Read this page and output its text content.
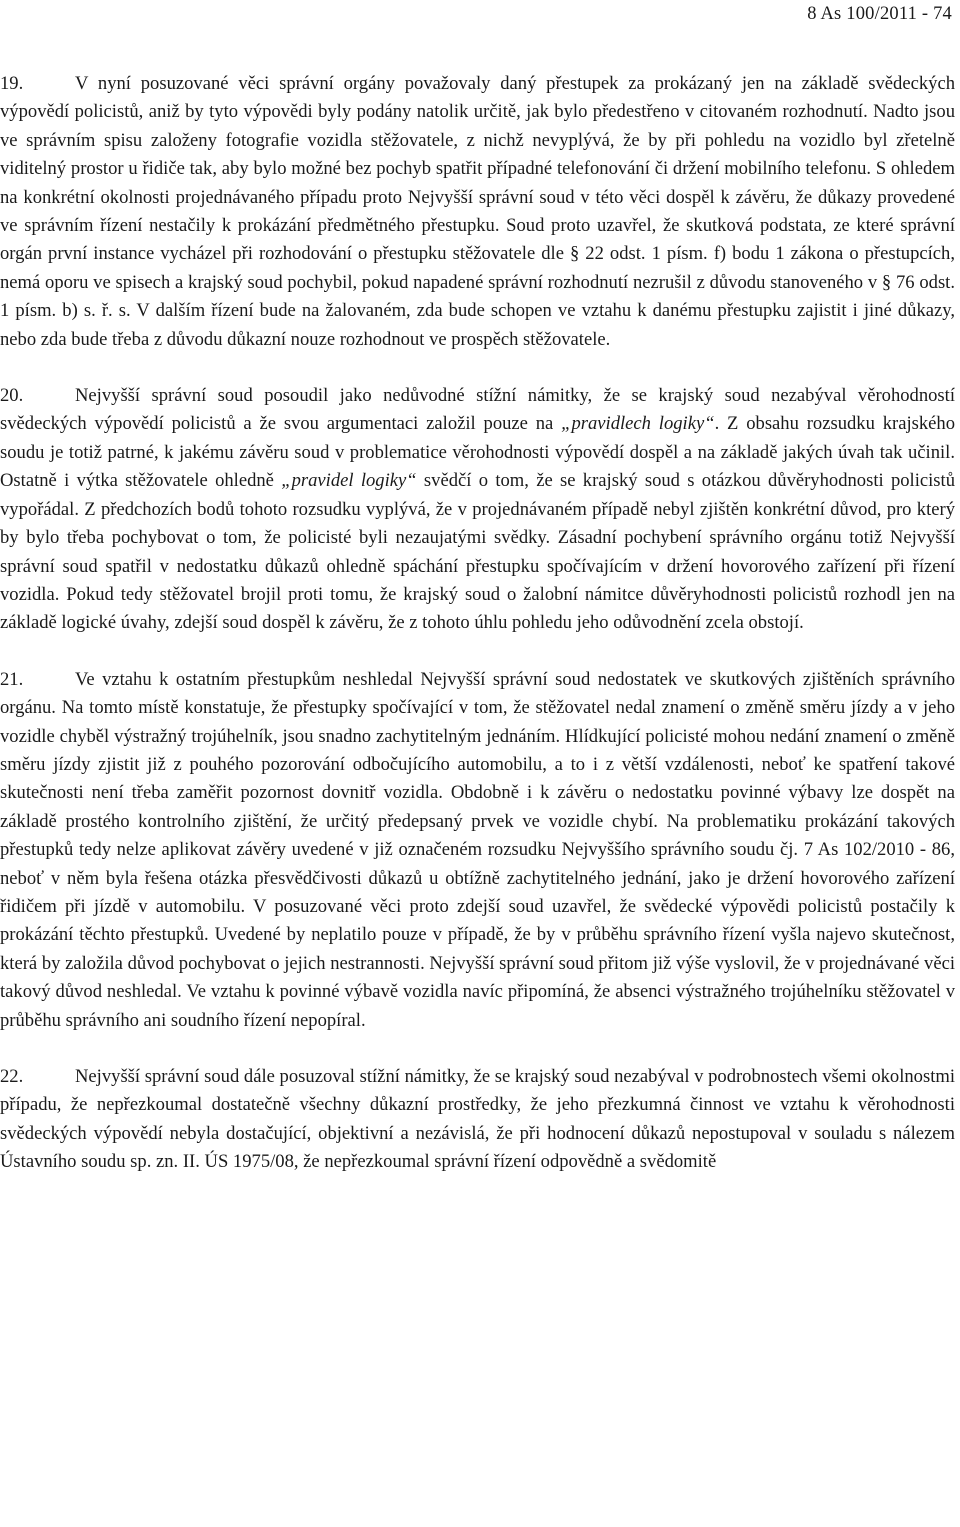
8 As 100/2011 - 74

19.	V nyní posuzované věci správní orgány považovaly daný přestupek za prokázaný jen na základě svědeckých výpovědí policistů, aniž by tyto výpovědi byly podány natolik určitě, jak bylo předestřeno v citovaném rozhodnutí. Nadto jsou ve správním spisu založeny fotografie vozidla stěžovatele, z nichž nevyplývá, že by při pohledu na vozidlo byl zřetelně viditelný prostor u řidiče tak, aby bylo možné bez pochyb spatřit případné telefonování či držení mobilního telefonu. S ohledem na konkrétní okolnosti projednávaného případu proto Nejvyšší správní soud v této věci dospěl k závěru, že důkazy provedené ve správním řízení nestačily k prokázání předmětného přestupku. Soud proto uzavřel, že skutková podstata, ze které správní orgán první instance vycházel při rozhodování o přestupku stěžovatele dle § 22 odst. 1 písm. f) bodu 1 zákona o přestupcích, nemá oporu ve spisech a krajský soud pochybil, pokud napadené správní rozhodnutí nezrušil z důvodu stanoveného v § 76 odst. 1 písm. b) s. ř. s. V dalším řízení bude na žalovaném, zda bude schopen ve vztahu k danému přestupku zajistit i jiné důkazy, nebo zda bude třeba z důvodu důkazní nouze rozhodnout ve prospěch stěžovatele.

20.	Nejvyšší správní soud posoudil jako nedůvodné stížní námitky, že se krajský soud nezabýval věrohodností svědeckých výpovědí policistů a že svou argumentaci založil pouze na „pravidlech logiky“. Z obsahu rozsudku krajského soudu je totiž patrné, k jakému závěru soud v problematice věrohodnosti výpovědí dospěl a na základě jakých úvah tak učinil. Ostatně i výtka stěžovatele ohledně „pravidel logiky“ svědčí o tom, že se krajský soud s otázkou důvěryhodnosti policistů vypořádal. Z předchozích bodů tohoto rozsudku vyplývá, že v projednávaném případě nebyl zjištěn konkrétní důvod, pro který by bylo třeba pochybovat o tom, že policisté byli nezaujatými svědky. Zásadní pochybení správního orgánu totiž Nejvyšší správní soud spatřil v nedostatku důkazů ohledně spáchání přestupku spočívajícím v držení hovorového zařízení při řízení vozidla. Pokud tedy stěžovatel brojil proti tomu, že krajský soud o žalobní námitce důvěryhodnosti policistů rozhodl jen na základě logické úvahy, zdejší soud dospěl k závěru, že z tohoto úhlu pohledu jeho odůvodnění zcela obstojí.

21.	Ve vztahu k ostatním přestupkům neshledal Nejvyšší správní soud nedostatek ve skutkových zjištěních správního orgánu. Na tomto místě konstatuje, že přestupky spočívající v tom, že stěžovatel nedal znamení o změně směru jízdy a v jeho vozidle chyběl výstražný trojúhelník, jsou snadno zachytitelným jednáním. Hlídkující policisté mohou nedání znamení o změně směru jízdy zjistit již z pouhého pozorování odbočujícího automobilu, a to i z větší vzdálenosti, neboť ke spatření takové skutečnosti není třeba zaměřit pozornost dovnitř vozidla. Obdobně i k závěru o nedostatku povinné výbavy lze dospět na základě prostého kontrolního zjištění, že určitý předepsaný prvek ve vozidle chybí. Na problematiku prokázání takových přestupků tedy nelze aplikovat závěry uvedené v již označeném rozsudku Nejvyššího správního soudu čj. 7 As 102/2010 - 86, neboť v něm byla řešena otázka přesvědčivosti důkazů u obtížně zachytitelného jednání, jako je držení hovorového zařízení řidičem při jízdě v automobilu. V posuzované věci proto zdejší soud uzavřel, že svědecké výpovědi policistů postačily k prokázání těchto přestupků. Uvedené by neplatilo pouze v případě, že by v průběhu správního řízení vyšla najevo skutečnost, která by založila důvod pochybovat o jejich nestrannosti. Nejvyšší správní soud přitom již výše vyslovil, že v projednávané věci takový důvod neshledal. Ve vztahu k povinné výbavě vozidla navíc připomíná, že absenci výstražného trojúhelníku stěžovatel v průběhu správního ani soudního řízení nepopíral.

22.	Nejvyšší správní soud dále posuzoval stížní námitky, že se krajský soud nezabýval v podrobnostech všemi okolnostmi případu, že nepřezkoumal dostatečně všechny důkazní prostředky, že jeho přezkumná činnost ve vztahu k věrohodnosti svědeckých výpovědí nebyla dostačující, objektivní a nezávislá, že při hodnocení důkazů nepostupoval v souladu s nálezem Ústavního soudu sp. zn. II. ÚS 1975/08, že nepřezkoumal správní řízení odpovědně a svědomitě
